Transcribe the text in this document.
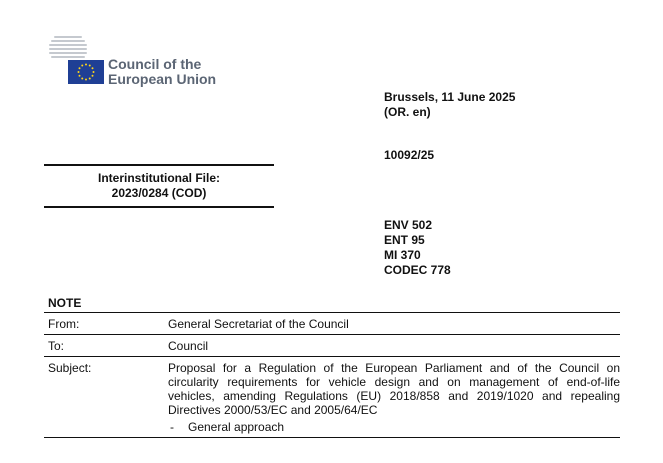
Council of the
European Union
Brussels, 11 June 2025
(OR. en)
10092/25
ENV 502
ENT 95
MI 370
CODEC 778
Interinstitutional File:
2023/0284 (COD)
NOTE
From:	General Secretariat of the Council
To:	Council
Subject:	Proposal for a Regulation of the European Parliament and of the Council on circularity requirements for vehicle design and on management of end-of-life vehicles, amending Regulations (EU) 2018/858 and 2019/1020 and repealing Directives 2000/53/EC and 2005/64/EC
- General approach
